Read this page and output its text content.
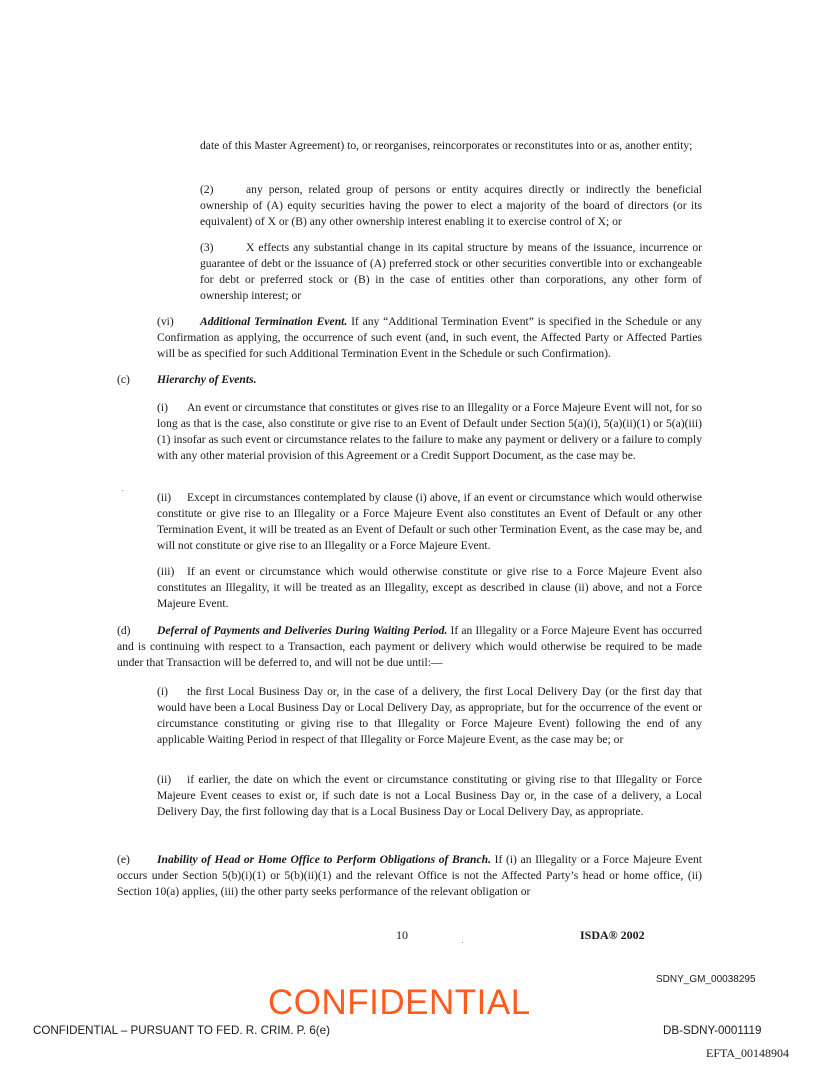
date of this Master Agreement) to, or reorganises, reincorporates or reconstitutes into or as, another entity;

(2)	any person, related group of persons or entity acquires directly or indirectly the beneficial ownership of (A) equity securities having the power to elect a majority of the board of directors (or its equivalent) of X or (B) any other ownership interest enabling it to exercise control of X; or

(3)	X effects any substantial change in its capital structure by means of the issuance, incurrence or guarantee of debt or the issuance of (A) preferred stock or other securities convertible into or exchangeable for debt or preferred stock or (B) in the case of entities other than corporations, any other form of ownership interest; or

(vi) Additional Termination Event. If any “Additional Termination Event” is specified in the Schedule or any Confirmation as applying, the occurrence of such event (and, in such event, the Affected Party or Affected Parties will be as specified for such Additional Termination Event in the Schedule or such Confirmation).

(c) Hierarchy of Events.

(i) An event or circumstance that constitutes or gives rise to an Illegality or a Force Majeure Event will not, for so long as that is the case, also constitute or give rise to an Event of Default under Section 5(a)(i), 5(a)(ii)(1) or 5(a)(iii)(1) insofar as such event or circumstance relates to the failure to make any payment or delivery or a failure to comply with any other material provision of this Agreement or a Credit Support Document, as the case may be.

(ii) Except in circumstances contemplated by clause (i) above, if an event or circumstance which would otherwise constitute or give rise to an Illegality or a Force Majeure Event also constitutes an Event of Default or any other Termination Event, it will be treated as an Event of Default or such other Termination Event, as the case may be, and will not constitute or give rise to an Illegality or a Force Majeure Event.

(iii) If an event or circumstance which would otherwise constitute or give rise to a Force Majeure Event also constitutes an Illegality, it will be treated as an Illegality, except as described in clause (ii) above, and not a Force Majeure Event.

(d) Deferral of Payments and Deliveries During Waiting Period. If an Illegality or a Force Majeure Event has occurred and is continuing with respect to a Transaction, each payment or delivery which would otherwise be required to be made under that Transaction will be deferred to, and will not be due until:—

(i) the first Local Business Day or, in the case of a delivery, the first Local Delivery Day (or the first day that would have been a Local Business Day or Local Delivery Day, as appropriate, but for the occurrence of the event or circumstance constituting or giving rise to that Illegality or Force Majeure Event) following the end of any applicable Waiting Period in respect of that Illegality or Force Majeure Event, as the case may be; or

(ii) if earlier, the date on which the event or circumstance constituting or giving rise to that Illegality or Force Majeure Event ceases to exist or, if such date is not a Local Business Day or, in the case of a delivery, a Local Delivery Day, the first following day that is a Local Business Day or Local Delivery Day, as appropriate.

(e) Inability of Head or Home Office to Perform Obligations of Branch. If (i) an Illegality or a Force Majeure Event occurs under Section 5(b)(i)(1) or 5(b)(ii)(1) and the relevant Office is not the Affected Party’s head or home office, (ii) Section 10(a) applies, (iii) the other party seeks performance of the relevant obligation or

10	ISDA® 2002
SDNY_GM_00038295
CONFIDENTIAL
CONFIDENTIAL – PURSUANT TO FED. R. CRIM. P. 6(e)	DB-SDNY-0001119
EFTA_00148904
